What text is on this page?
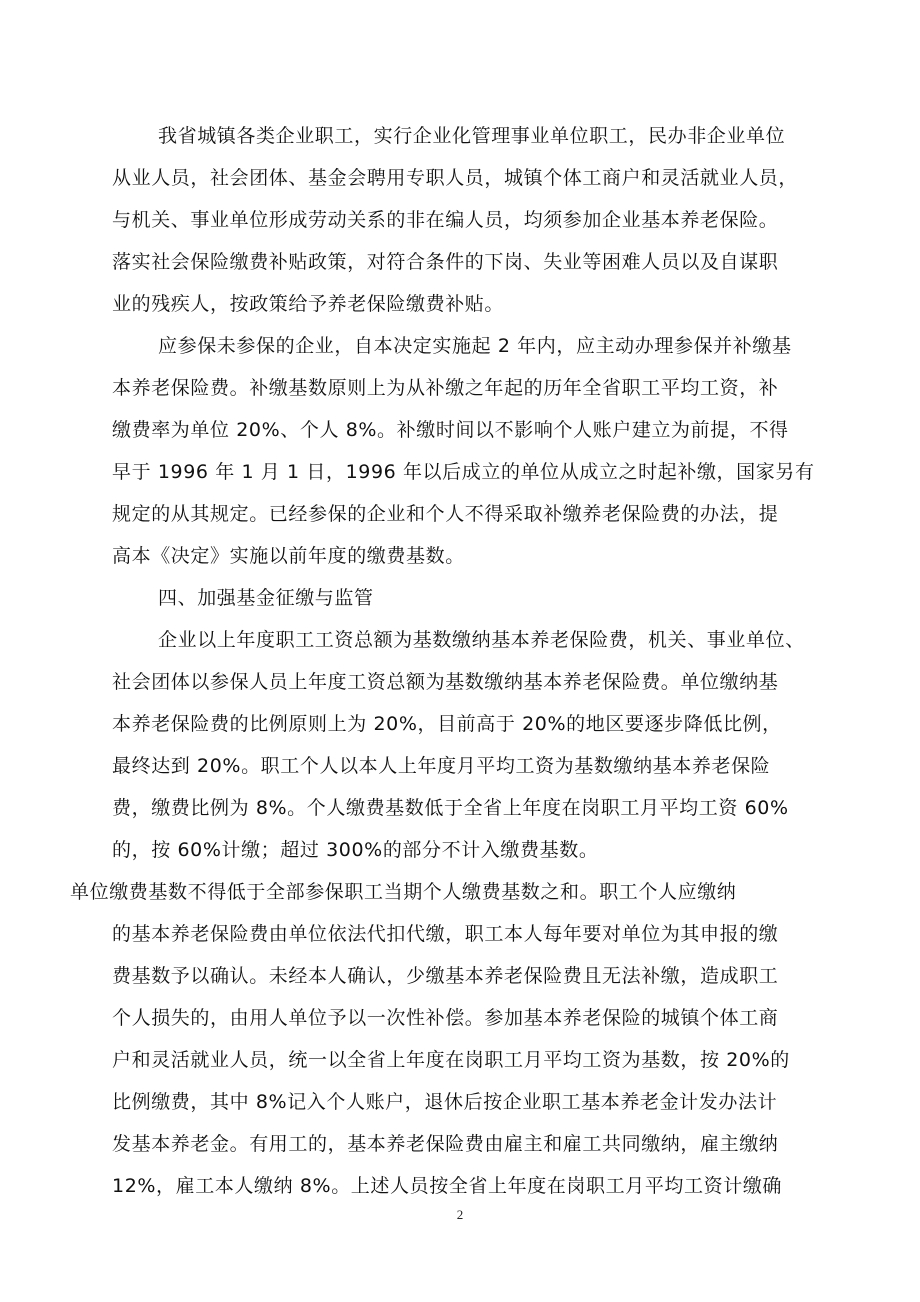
我省城镇各类企业职工，实行企业化管理事业单位职工，民办非企业单位
从业人员，社会团体、基金会聘用专职人员，城镇个体工商户和灵活就业人员，
与机关、事业单位形成劳动关系的非在编人员，均须参加企业基本养老保险。
落实社会保险缴费补贴政策，对符合条件的下岗、失业等困难人员以及自谋职
业的残疾人，按政策给予养老保险缴费补贴。
应参保未参保的企业，自本决定实施起 2 年内，应主动办理参保并补缴基
本养老保险费。补缴基数原则上为从补缴之年起的历年全省职工平均工资，补
缴费率为单位 20%、个人 8%。补缴时间以不影响个人账户建立为前提，不得
早于 1996 年 1 月 1 日，1996 年以后成立的单位从成立之时起补缴，国家另有
规定的从其规定。已经参保的企业和个人不得采取补缴养老保险费的办法，提
高本《决定》实施以前年度的缴费基数。
四、加强基金征缴与监管
企业以上年度职工工资总额为基数缴纳基本养老保险费，机关、事业单位、
社会团体以参保人员上年度工资总额为基数缴纳基本养老保险费。单位缴纳基
本养老保险费的比例原则上为 20%，目前高于 20%的地区要逐步降低比例，
最终达到 20%。职工个人以本人上年度月平均工资为基数缴纳基本养老保险
费，缴费比例为 8%。个人缴费基数低于全省上年度在岗职工月平均工资 60%
的，按 60%计缴；超过 300%的部分不计入缴费基数。
单位缴费基数不得低于全部参保职工当期个人缴费基数之和。职工个人应缴纳
的基本养老保险费由单位依法代扣代缴，职工本人每年要对单位为其申报的缴
费基数予以确认。未经本人确认，少缴基本养老保险费且无法补缴，造成职工
个人损失的，由用人单位予以一次性补偿。参加基本养老保险的城镇个体工商
户和灵活就业人员，统一以全省上年度在岗职工月平均工资为基数，按 20%的
比例缴费，其中 8%记入个人账户，退休后按企业职工基本养老金计发办法计
发基本养老金。有用工的，基本养老保险费由雇主和雇工共同缴纳，雇主缴纳
12%，雇工本人缴纳 8%。上述人员按全省上年度在岗职工月平均工资计缴确
2
